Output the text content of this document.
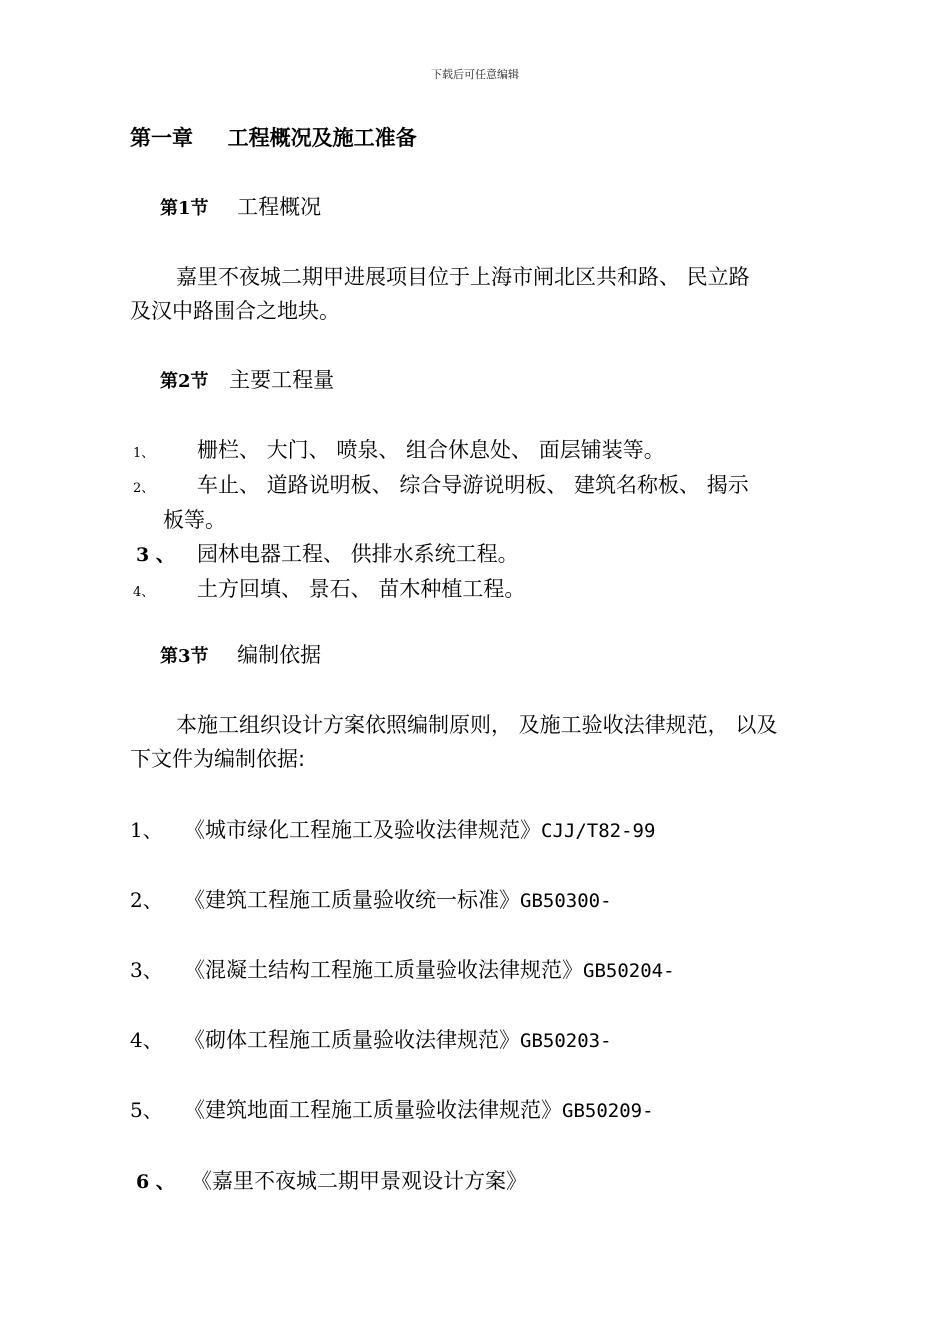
下载后可任意编辑
第一章 工程概况及施工准备
第1节 工程概况
嘉里不夜城二期甲进展项目位于上海市闸北区共和路、 民立路
及汉中路围合之地块。
第2节 主要工程量
1、 栅栏、 大门、 喷泉、 组合休息处、 面层铺装等。
2、 车止、 道路说明板、 综合导游说明板、 建筑名称板、 揭示
板等。
3 、 园林电器工程、 供排水系统工程。
4、 土方回填、 景石、 苗木种植工程。
第3节 编制依据
本施工组织设计方案依照编制原则， 及施工验收法律规范， 以及
下文件为编制依据:
1、 《城市绿化工程施工及验收法律规范》CJJ/T82-99
2、 《建筑工程施工质量验收统一标准》GB50300-
3、 《混凝土结构工程施工质量验收法律规范》GB50204-
4、 《砌体工程施工质量验收法律规范》GB50203-
5、 《建筑地面工程施工质量验收法律规范》GB50209-
6 、 《嘉里不夜城二期甲景观设计方案》
